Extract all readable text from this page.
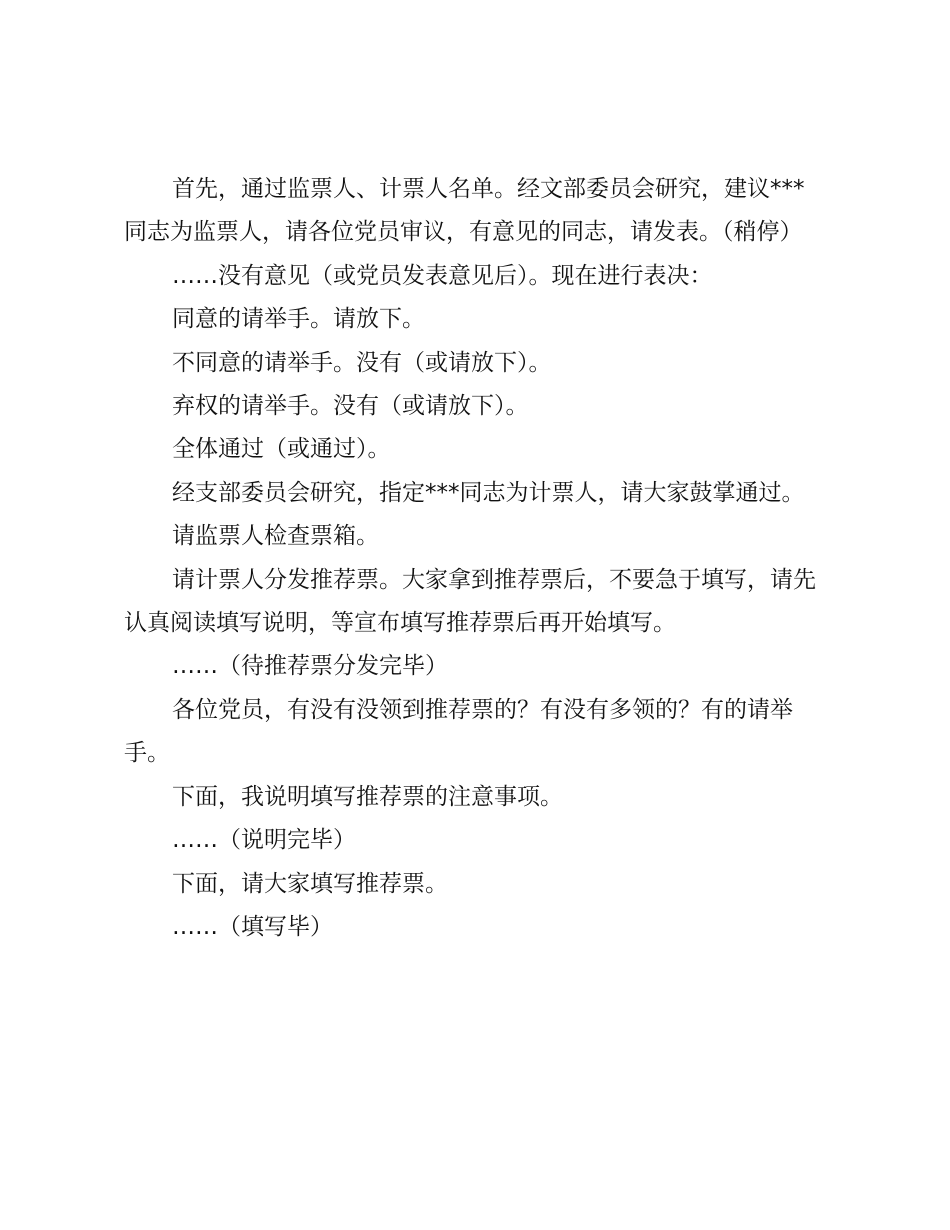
首先，通过监票人、计票人名单。经文部委员会研究，建议***同志为监票人，请各位党员审议，有意见的同志，请发表。（稍停）

……没有意见（或党员发表意见后）。现在进行表决：

同意的请举手。请放下。

不同意的请举手。没有（或请放下）。

弃权的请举手。没有（或请放下）。

全体通过（或通过）。

经支部委员会研究，指定***同志为计票人，请大家鼓掌通过。

请监票人检查票箱。

请计票人分发推荐票。大家拿到推荐票后，不要急于填写，请先认真阅读填写说明，等宣布填写推荐票后再开始填写。

……（待推荐票分发完毕）

各位党员，有没有没领到推荐票的？有没有多领的？有的请举手。

下面，我说明填写推荐票的注意事项。

……（说明完毕）

下面，请大家填写推荐票。

……（填写毕）
